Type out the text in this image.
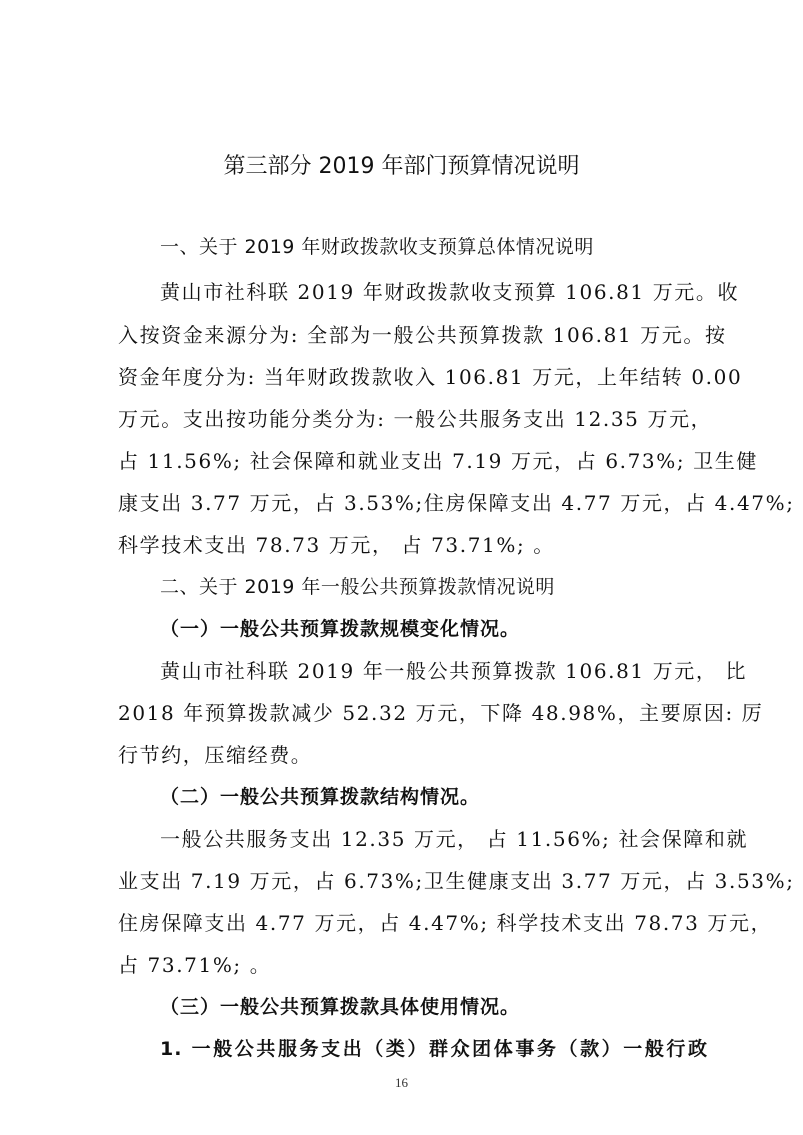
第三部分 2019 年部门预算情况说明
一、关于 2019 年财政拨款收支预算总体情况说明
黄山市社科联 2019 年财政拨款收支预算 106.81 万元。收
入按资金来源分为: 全部为一般公共预算拨款 106.81 万元。按
资金年度分为: 当年财政拨款收入 106.81 万元，上年结转 0.00
万元。支出按功能分类分为: 一般公共服务支出 12.35 万元，
占 11.56%; 社会保障和就业支出 7.19 万元，占 6.73%; 卫生健
康支出 3.77 万元，占 3.53%;住房保障支出 4.77 万元，占 4.47%;
科学技术支出 78.73 万元， 占 73.71%; 。
二、关于 2019 年一般公共预算拨款情况说明
（一）一般公共预算拨款规模变化情况。
黄山市社科联 2019 年一般公共预算拨款 106.81 万元， 比
2018 年预算拨款减少 52.32 万元，下降 48.98%，主要原因: 厉
行节约，压缩经费。
（二）一般公共预算拨款结构情况。
一般公共服务支出 12.35 万元， 占 11.56%; 社会保障和就
业支出 7.19 万元，占 6.73%;卫生健康支出 3.77 万元，占 3.53%;
住房保障支出 4.77 万元，占 4.47%; 科学技术支出 78.73 万元，
占 73.71%; 。
（三）一般公共预算拨款具体使用情况。
1. 一般公共服务支出（类）群众团体事务（款）一般行政
16
